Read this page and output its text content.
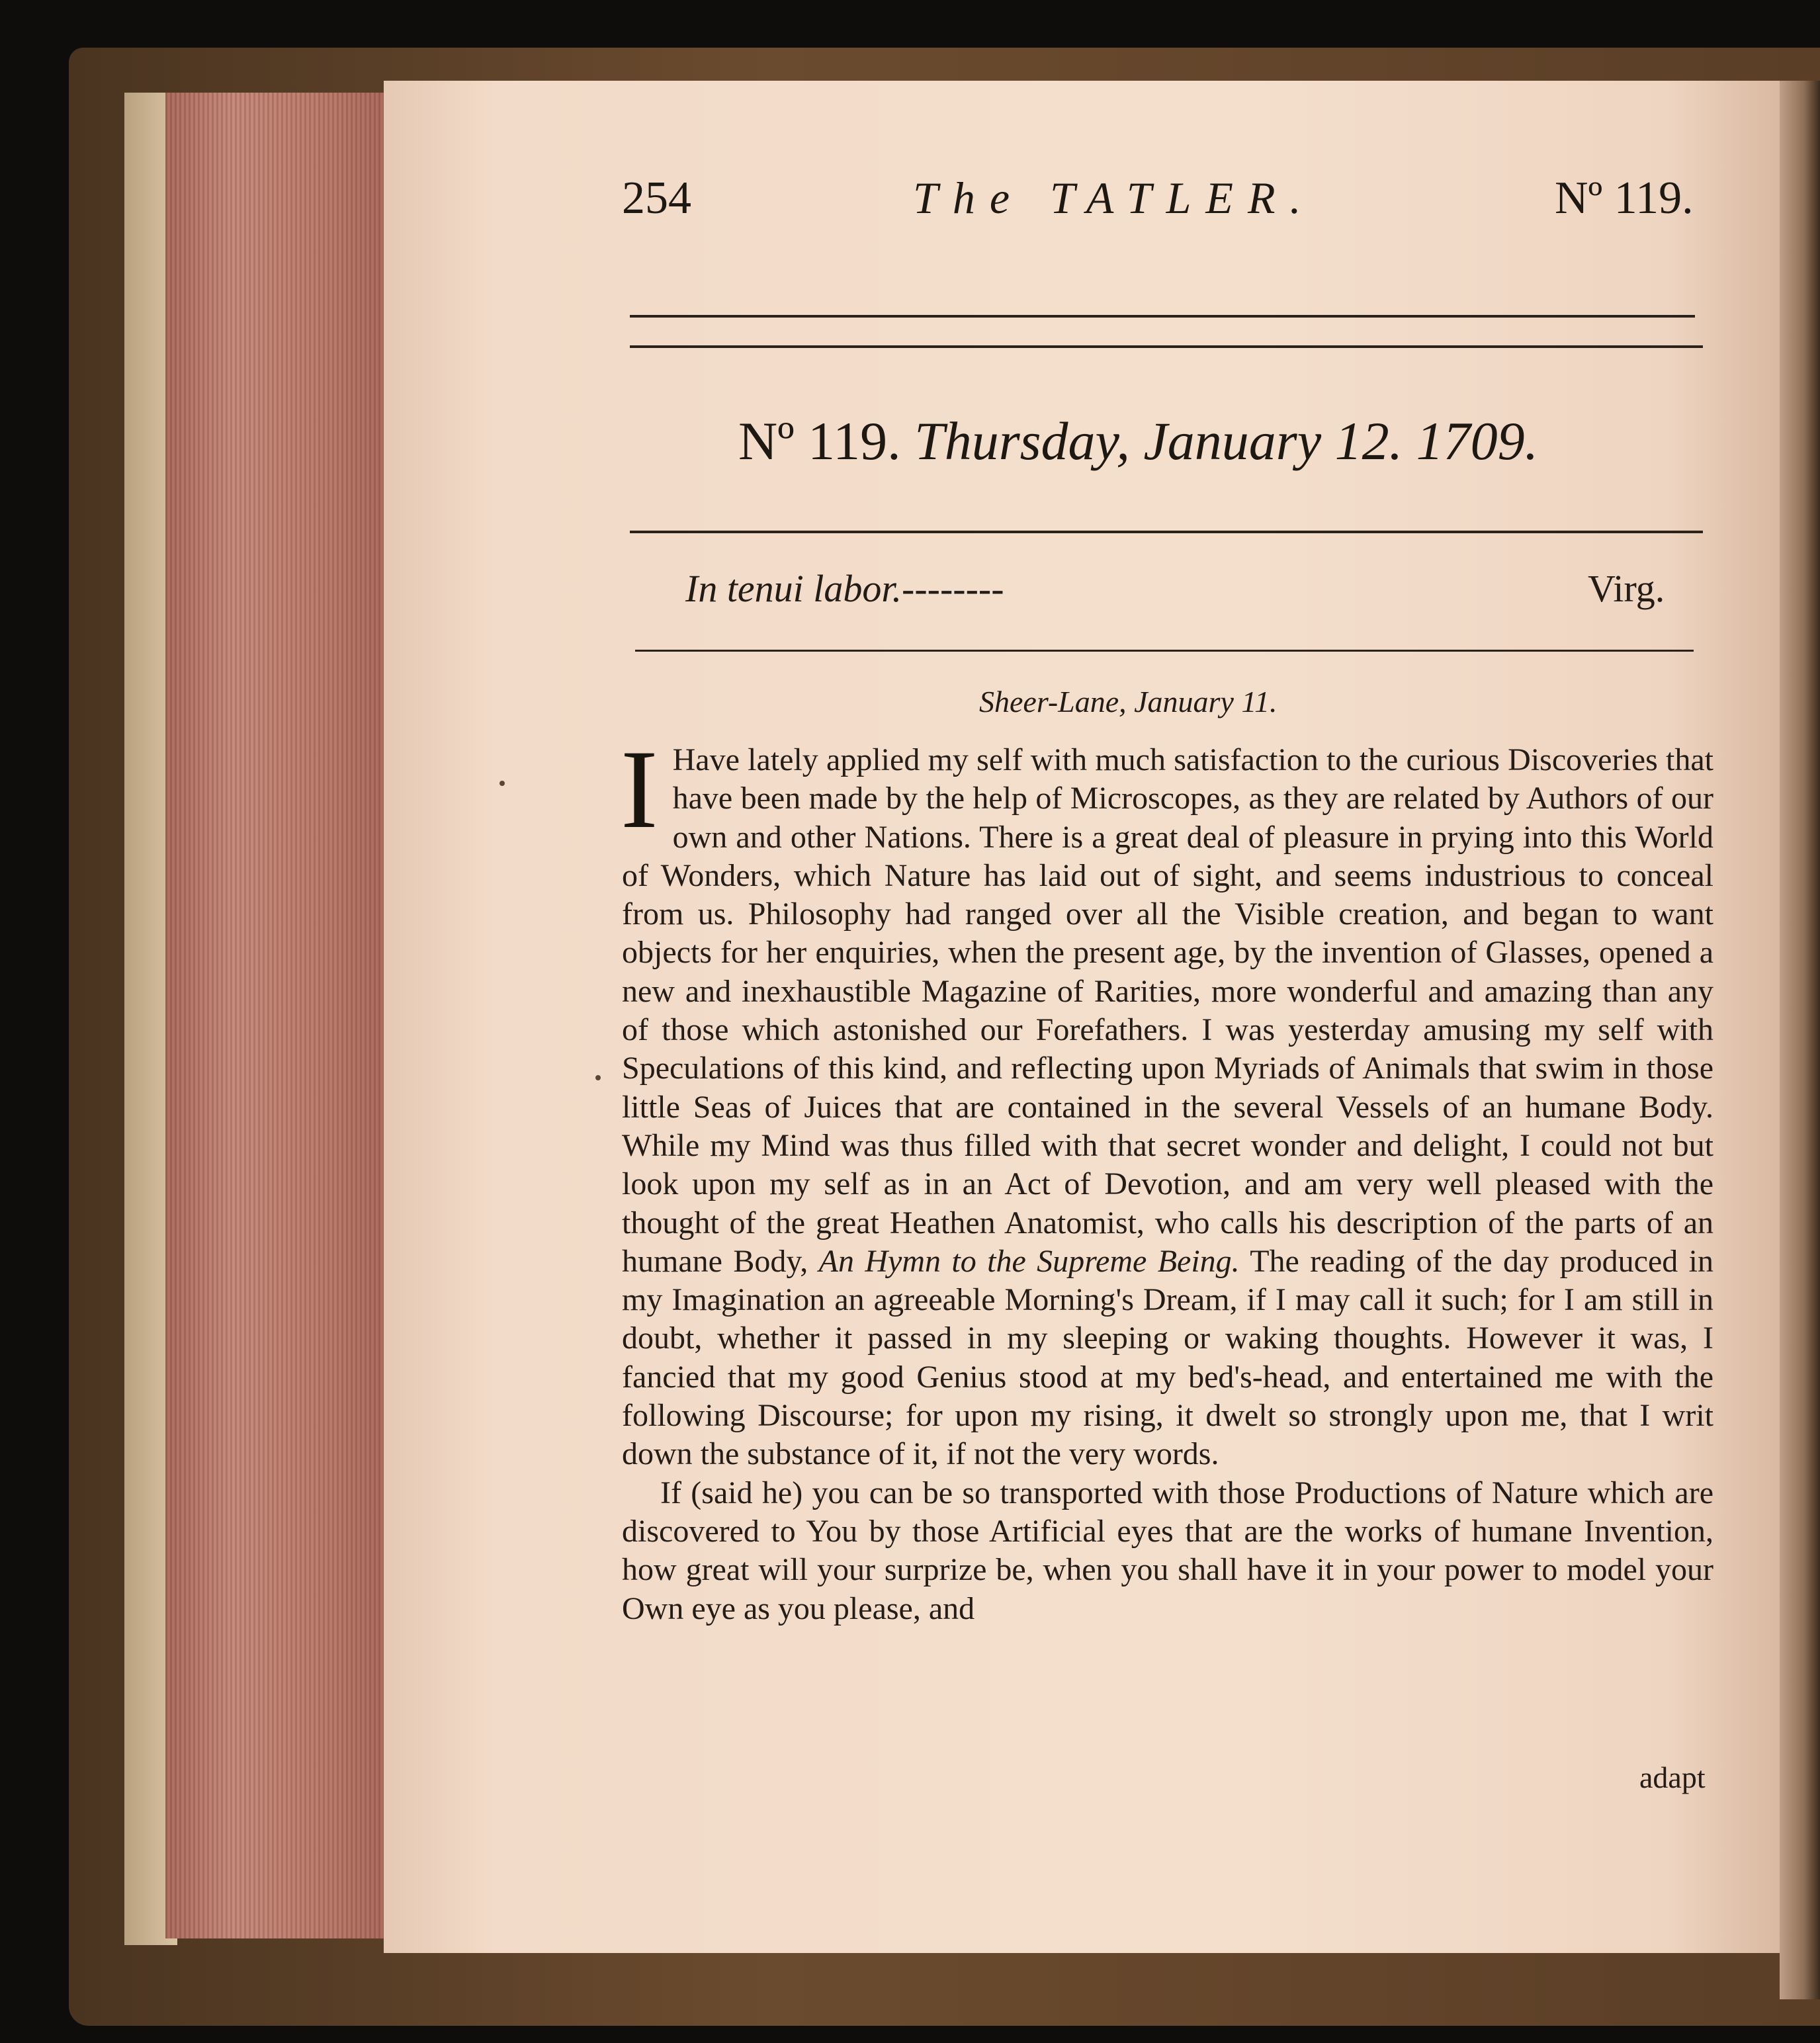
254	The TATLER.	Nº 119.
Nº 119. Thursday, January 12. 1709.
In tenui labor.--------	Virg.
Sheer-Lane, January 11.

I Have lately applied my self with much satisfaction to the curious Discoveries that have been made by the help of Microscopes, as they are related by Authors of our own and other Nations. There is a great deal of pleasure in prying into this World of Wonders, which Nature has laid out of sight, and seems industrious to conceal from us. Philosophy had ranged over all the Visible creation, and began to want objects for her enquiries, when the present age, by the invention of Glasses, opened a new and inexhaustible Magazine of Rarities, more wonderful and amazing than any of those which astonished our Forefathers. I was yesterday amusing my self with Speculations of this kind, and reflecting upon Myriads of Animals that swim in those little Seas of Juices that are contained in the several Vessels of an humane Body. While my Mind was thus filled with that secret wonder and delight, I could not but look upon my self as in an Act of Devotion, and am very well pleased with the thought of the great Heathen Anatomist, who calls his description of the parts of an humane Body, An Hymn to the Supreme Being. The reading of the day produced in my Imagination an agreeable Morning's Dream, if I may call it such; for I am still in doubt, whether it passed in my sleeping or waking thoughts. However it was, I fancied that my good Genius stood at my bed's-head, and entertained me with the following Discourse; for upon my rising, it dwelt so strongly upon me, that I writ down the substance of it, if not the very words.

If (said he) you can be so transported with those Productions of Nature which are discovered to You by those Artificial eyes that are the works of humane Invention, how great will your surprize be, when you shall have it in your power to model your Own eye as you please, and

adapt
